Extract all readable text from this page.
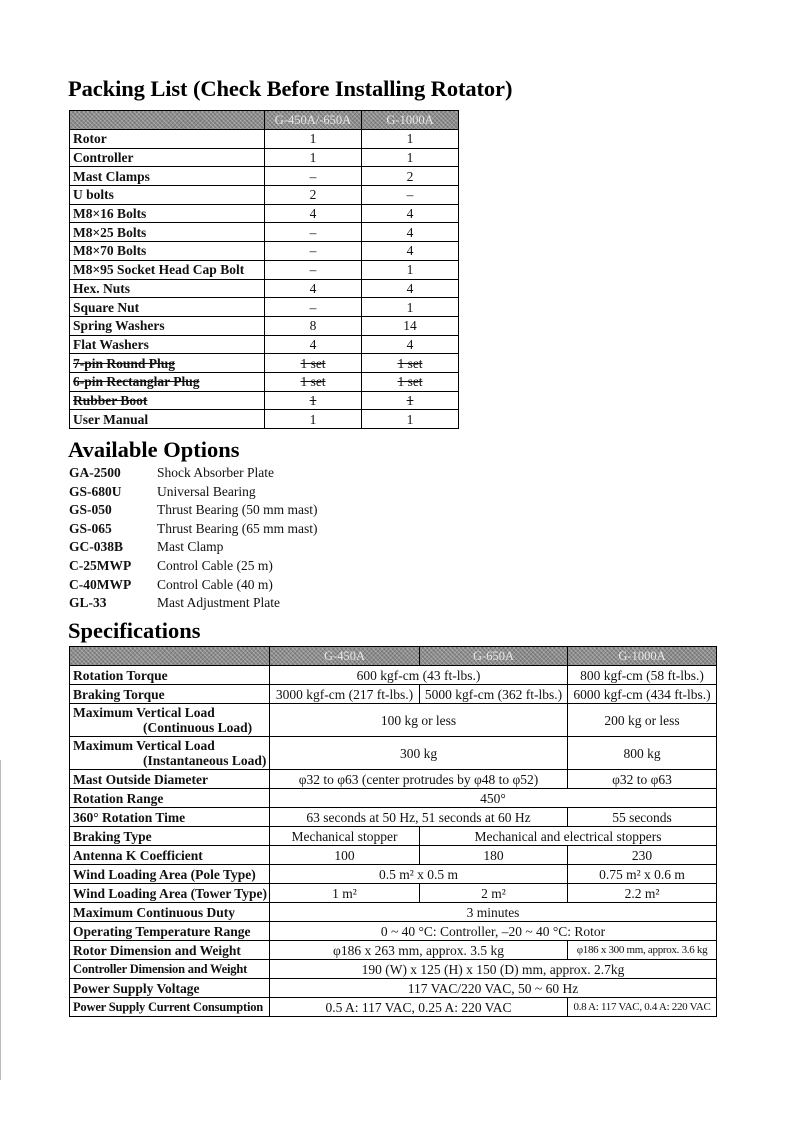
Packing List (Check Before Installing Rotator)
	G-450A/-650A	G-1000A
Rotor	1	1
Controller	1	1
Mast Clamps	–	2
U bolts	2	–
M8×16 Bolts	4	4
M8×25 Bolts	–	4
M8×70 Bolts	–	4
M8×95 Socket Head Cap Bolt	–	1
Hex. Nuts	4	4
Square Nut	–	1
Spring Washers	8	14
Flat Washers	4	4
7-pin Round Plug	1 set	1 set
6-pin Rectanglar Plug	1 set	1 set
Rubber Boot	1	1
User Manual	1	1
Available Options
GA-2500	Shock Absorber Plate
GS-680U	Universal Bearing
GS-050	Thrust Bearing (50 mm mast)
GS-065	Thrust Bearing (65 mm mast)
GC-038B	Mast Clamp
C-25MWP Control Cable (25 m)
C-40MWP Control Cable (40 m)
GL-33	Mast Adjustment Plate
Specifications
	G-450A	G-650A	G-1000A
Rotation Torque	600 kgf-cm (43 ft-lbs.)		800 kgf-cm (58 ft-lbs.)
Braking Torque	3000 kgf-cm (217 ft-lbs.)	5000 kgf-cm (362 ft-lbs.)	6000 kgf-cm (434 ft-lbs.)
Maximum Vertical Load
(Continuous Load)	100 kg or less		200 kg or less
Maximum Vertical Load
(Instantaneous Load)	300 kg		800 kg
Mast Outside Diameter	φ32 to φ63 (center protrudes by φ48 to φ52)		φ32 to φ63
Rotation Range	450°		
360° Rotation Time	63 seconds at 50 Hz, 51 seconds at 60 Hz		55 seconds
Braking Type	Mechanical stopper	Mechanical and electrical stoppers	
Antenna K Coefficient	100	180	230
Wind Loading Area (Pole Type)	0.5 m² x 0.5 m		0.75 m² x 0.6 m
Wind Loading Area (Tower Type)	1 m²	2 m²	2.2 m²
Maximum Continuous Duty	3 minutes		
Operating Temperature Range	0 ~ 40 °C: Controller, –20 ~ 40 °C: Rotor		
Rotor Dimension and Weight	φ186 x 263 mm, approx. 3.5 kg		φ186 x 300 mm, approx. 3.6 kg
Controller Dimension and Weight	190 (W) x 125 (H) x 150 (D) mm, approx. 2.7kg		
Power Supply Voltage	117 VAC/220 VAC, 50 ~ 60 Hz		
Power Supply Current Consumption	0.5 A: 117 VAC, 0.25 A: 220 VAC		0.8 A: 117 VAC, 0.4 A: 220 VAC
